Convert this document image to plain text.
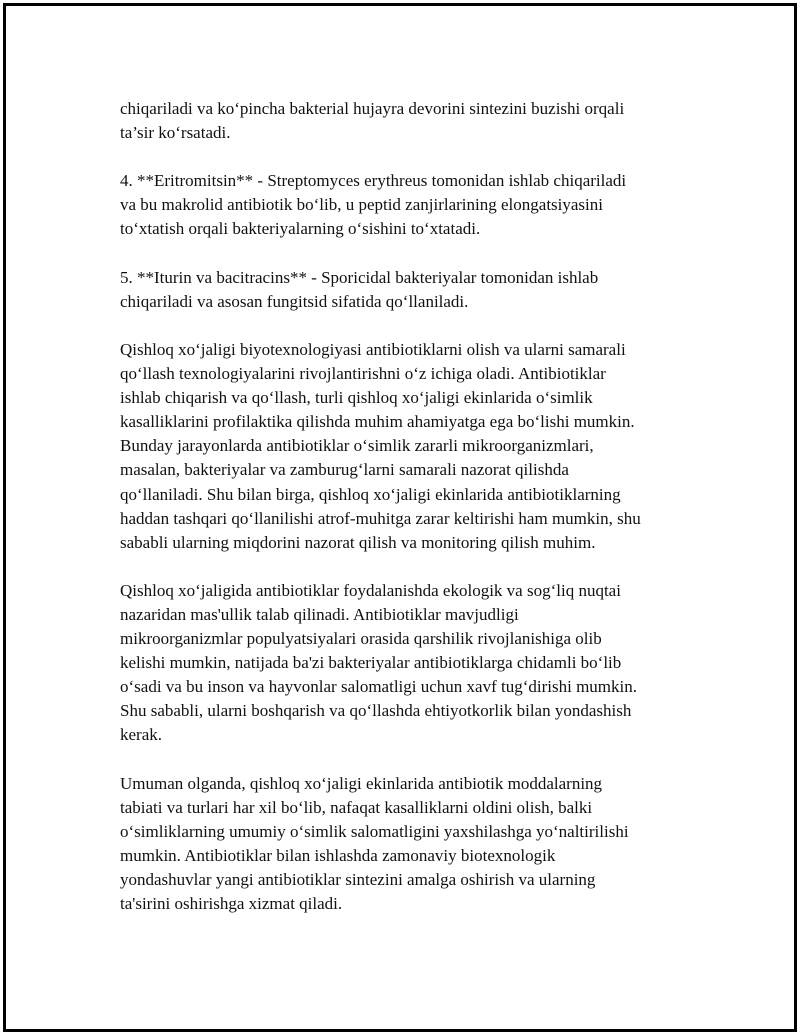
chiqariladi va ko‘pincha bakterial hujayra devorini sintezini buzishi orqali
ta’sir ko‘rsatadi.

4. **Eritromitsin** - Streptomyces erythreus tomonidan ishlab chiqariladi
va bu makrolid antibiotik bo‘lib, u peptid zanjirlarining elongatsiyasini
to‘xtatish orqali bakteriyalarning o‘sishini to‘xtatadi.

5. **Iturin va bacitracins** - Sporicidal bakteriyalar tomonidan ishlab
chiqariladi va asosan fungitsid sifatida qo‘llaniladi.

Qishloq xo‘jaligi biyotexnologiyasi antibiotiklarni olish va ularni samarali
qo‘llash texnologiyalarini rivojlantirishni o‘z ichiga oladi. Antibiotiklar
ishlab chiqarish va qo‘llash, turli qishloq xo‘jaligi ekinlarida o‘simlik
kasalliklarini profilaktika qilishda muhim ahamiyatga ega bo‘lishi mumkin.
Bunday jarayonlarda antibiotiklar o‘simlik zararli mikroorganizmlari,
masalan, bakteriyalar va zamburug‘larni samarali nazorat qilishda
qo‘llaniladi. Shu bilan birga, qishloq xo‘jaligi ekinlarida antibiotiklarning
haddan tashqari qo‘llanilishi atrof-muhitga zarar keltirishi ham mumkin, shu
sababli ularning miqdorini nazorat qilish va monitoring qilish muhim.

Qishloq xo‘jaligida antibiotiklar foydalanishda ekologik va sog‘liq nuqtai
nazaridan mas'ullik talab qilinadi. Antibiotiklar mavjudligi
mikroorganizmlar populyatsiyalari orasida qarshilik rivojlanishiga olib
kelishi mumkin, natijada ba'zi bakteriyalar antibiotiklarga chidamli bo‘lib
o‘sadi va bu inson va hayvonlar salomatligi uchun xavf tug‘dirishi mumkin.
Shu sababli, ularni boshqarish va qo‘llashda ehtiyotkorlik bilan yondashish
kerak.

Umuman olganda, qishloq xo‘jaligi ekinlarida antibiotik moddalarning
tabiati va turlari har xil bo‘lib, nafaqat kasalliklarni oldini olish, balki
o‘simliklarning umumiy o‘simlik salomatligini yaxshilashga yo‘naltirilishi
mumkin. Antibiotiklar bilan ishlashda zamonaviy biotexnologik
yondashuvlar yangi antibiotiklar sintezini amalga oshirish va ularning
ta'sirini oshirishga xizmat qiladi.
